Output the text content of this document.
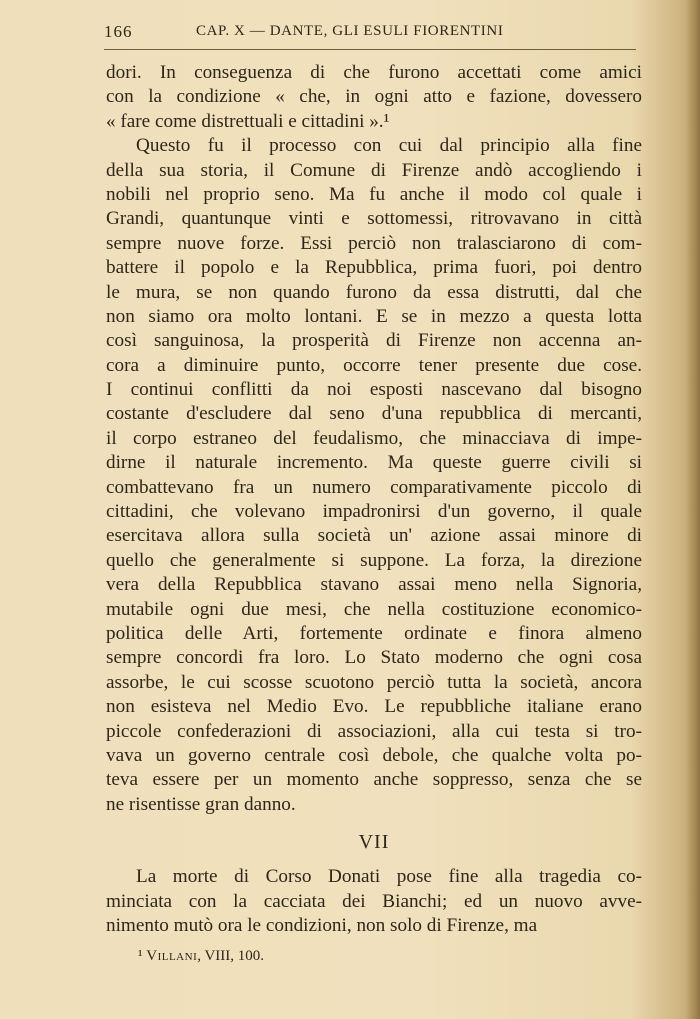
166	CAP. X — DANTE, GLI ESULI FIORENTINI
dori. In conseguenza di che furono accettati come amici
con la condizione « che, in ogni atto e fazione, dovessero
« fare come distrettuali e cittadini ».¹
Questo fu il processo con cui dal principio alla fine
della sua storia, il Comune di Firenze andò accogliendo i
nobili nel proprio seno. Ma fu anche il modo col quale i
Grandi, quantunque vinti e sottomessi, ritrovavano in città
sempre nuove forze. Essi perciò non tralasciarono di com-
battere il popolo e la Repubblica, prima fuori, poi dentro
le mura, se non quando furono da essa distrutti, dal che
non siamo ora molto lontani. E se in mezzo a questa lotta
così sanguinosa, la prosperità di Firenze non accenna an-
cora a diminuire punto, occorre tener presente due cose.
I continui conflitti da noi esposti nascevano dal bisogno
costante d'escludere dal seno d'una repubblica di mercanti,
il corpo estraneo del feudalismo, che minacciava di impe-
dirne il naturale incremento. Ma queste guerre civili si
combattevano fra un numero comparativamente piccolo di
cittadini, che volevano impadronirsi d'un governo, il quale
esercitava allora sulla società un' azione assai minore di
quello che generalmente si suppone. La forza, la direzione
vera della Repubblica stavano assai meno nella Signoria,
mutabile ogni due mesi, che nella costituzione economico-
politica delle Arti, fortemente ordinate e finora almeno
sempre concordi fra loro. Lo Stato moderno che ogni cosa
assorbe, le cui scosse scuotono perciò tutta la società, ancora
non esisteva nel Medio Evo. Le repubbliche italiane erano
piccole confederazioni di associazioni, alla cui testa si tro-
vava un governo centrale così debole, che qualche volta po-
teva essere per un momento anche soppresso, senza che se
ne risentisse gran danno.
VII
La morte di Corso Donati pose fine alla tragedia co-
minciata con la cacciata dei Bianchi; ed un nuovo avve-
nimento mutò ora le condizioni, non solo di Firenze, ma
¹ Villani, VIII, 100.
